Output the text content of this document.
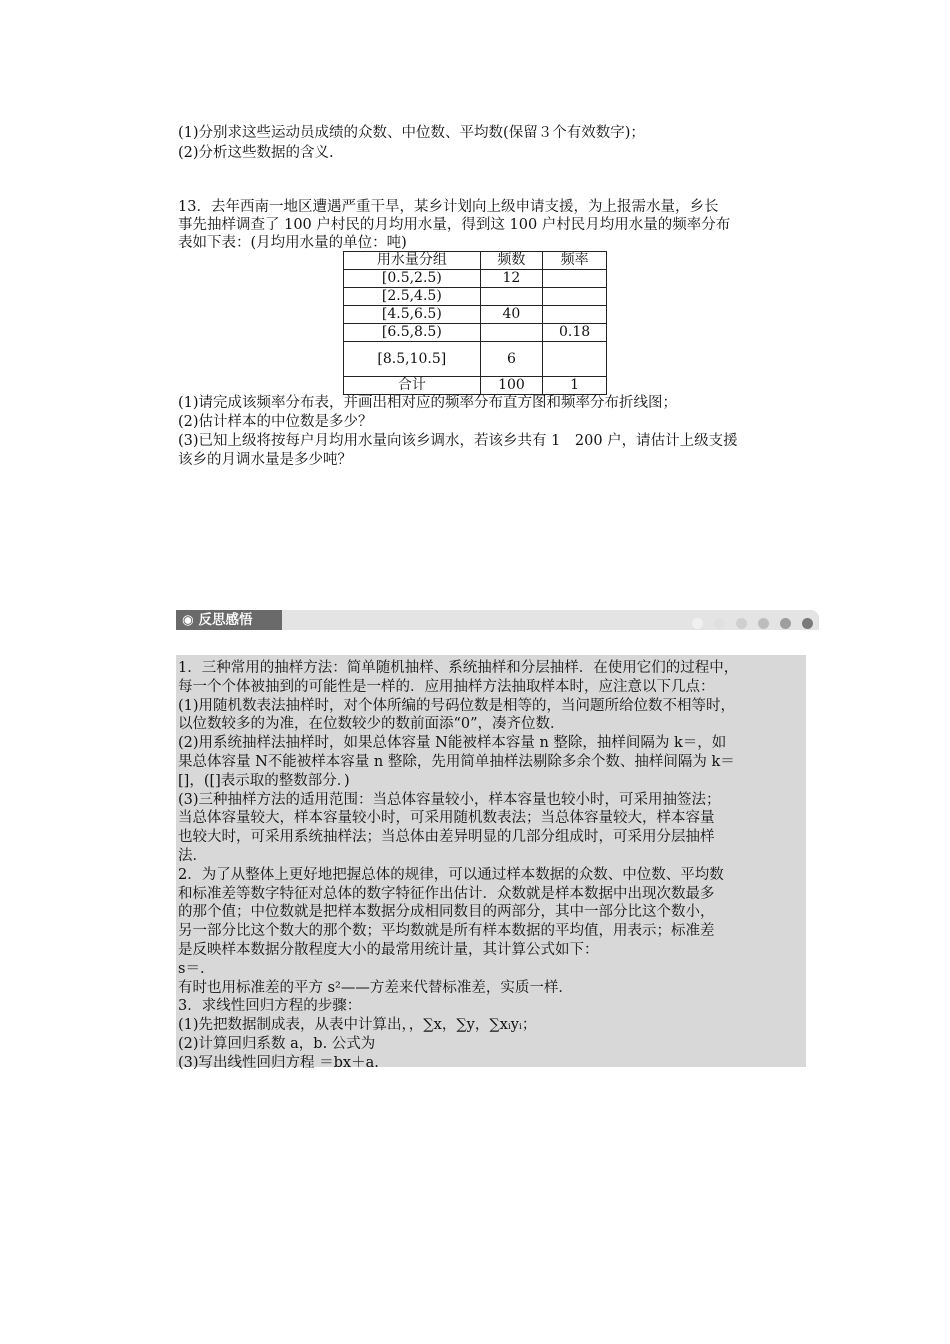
(1)分别求这些运动员成绩的众数、中位数、平均数(保留３个有效数字)；
(2)分析这些数据的含义.
13．去年西南一地区遭遇严重干旱，某乡计划向上级申请支援，为上报需水量，乡长
事先抽样调查了 100 户村民的月均用水量，得到这 100 户村民月均用水量的频率分布
表如下表：(月均用水量的单位：吨)
用水量分组	频数	频率
[0.5,2.5)	12	
[2.5,4.5)		
[4.5,6.5)	40	
[6.5,8.5)		0.18
[8.5,10.5]	6	
合计	100	1
(1)请完成该频率分布表，并画出相对应的频率分布直方图和频率分布折线图；
(2)估计样本的中位数是多少？
(3)已知上级将按每户月均用水量向该乡调水，若该乡共有 1　200 户，请估计上级支援
该乡的月调水量是多少吨？
◉ 反思感悟

1．三种常用的抽样方法：简单随机抽样、系统抽样和分层抽样．在使用它们的过程中，
每一个个体被抽到的可能性是一样的．应用抽样方法抽取样本时，应注意以下几点：
(1)用随机数表法抽样时，对个体所编的号码位数是相等的，当问题所给位数不相等时，
以位数较多的为准，在位数较少的数前面添“0”，凑齐位数．
(2)用系统抽样法抽样时，如果总体容量 N能被样本容量 n 整除，抽样间隔为 k＝，如
果总体容量 N不能被样本容量 n 整除，先用简单抽样法剔除多余个数、抽样间隔为 k＝
[]，([]表示取的整数部分．)
(3)三种抽样方法的适用范围：当总体容量较小，样本容量也较小时，可采用抽签法；
当总体容量较大，样本容量较小时，可采用随机数表法；当总体容量较大，样本容量
也较大时，可采用系统抽样法；当总体由差异明显的几部分组成时，可采用分层抽样
法．
2．为了从整体上更好地把握总体的规律，可以通过样本数据的众数、中位数、平均数
和标准差等数字特征对总体的数字特征作出估计．众数就是样本数据中出现次数最多
的那个值；中位数就是把样本数据分成相同数目的两部分，其中一部分比这个数小，
另一部分比这个数大的那个数；平均数就是所有样本数据的平均值，用表示；标准差
是反映样本数据分散程度大小的最常用统计量，其计算公式如下：
s＝.
有时也用标准差的平方 s²——方差来代替标准差，实质一样．
3．求线性回归方程的步骤：
(1)先把数据制成表，从表中计算出，，∑x，∑y，∑xᵢyᵢ；
(2)计算回归系数 a，b. 公式为
(3)写出线性回归方程 ＝bx＋a.
